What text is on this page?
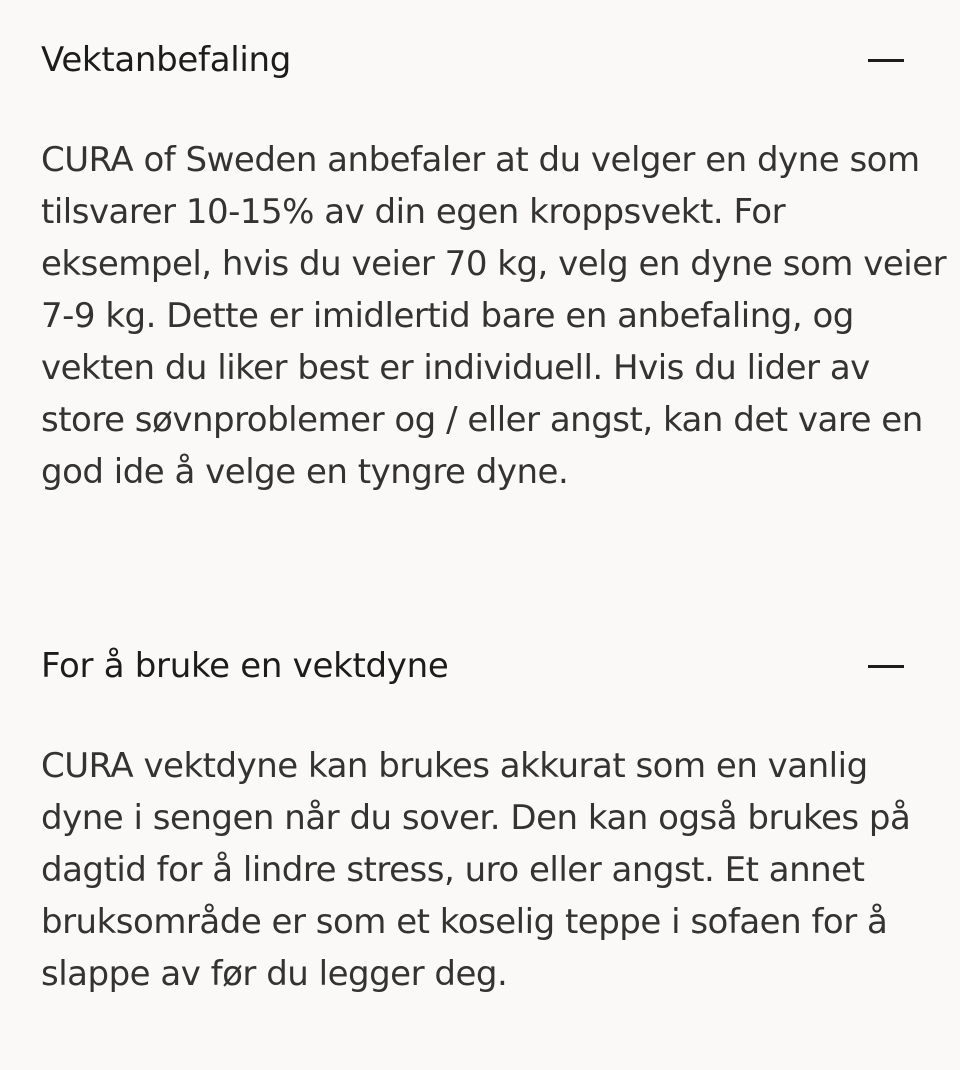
Vektanbefaling

CURA of Sweden anbefaler at du velger en dyne som
tilsvarer 10-15% av din egen kroppsvekt. For
eksempel, hvis du veier 70 kg, velg en dyne som veier
7-9 kg. Dette er imidlertid bare en anbefaling, og
vekten du liker best er individuell. Hvis du lider av
store søvnproblemer og / eller angst, kan det vare en
god ide å velge en tyngre dyne.

For å bruke en vektdyne

CURA vektdyne kan brukes akkurat som en vanlig
dyne i sengen når du sover. Den kan også brukes på
dagtid for å lindre stress, uro eller angst. Et annet
bruksområde er som et koselig teppe i sofaen for å
slappe av før du legger deg.
